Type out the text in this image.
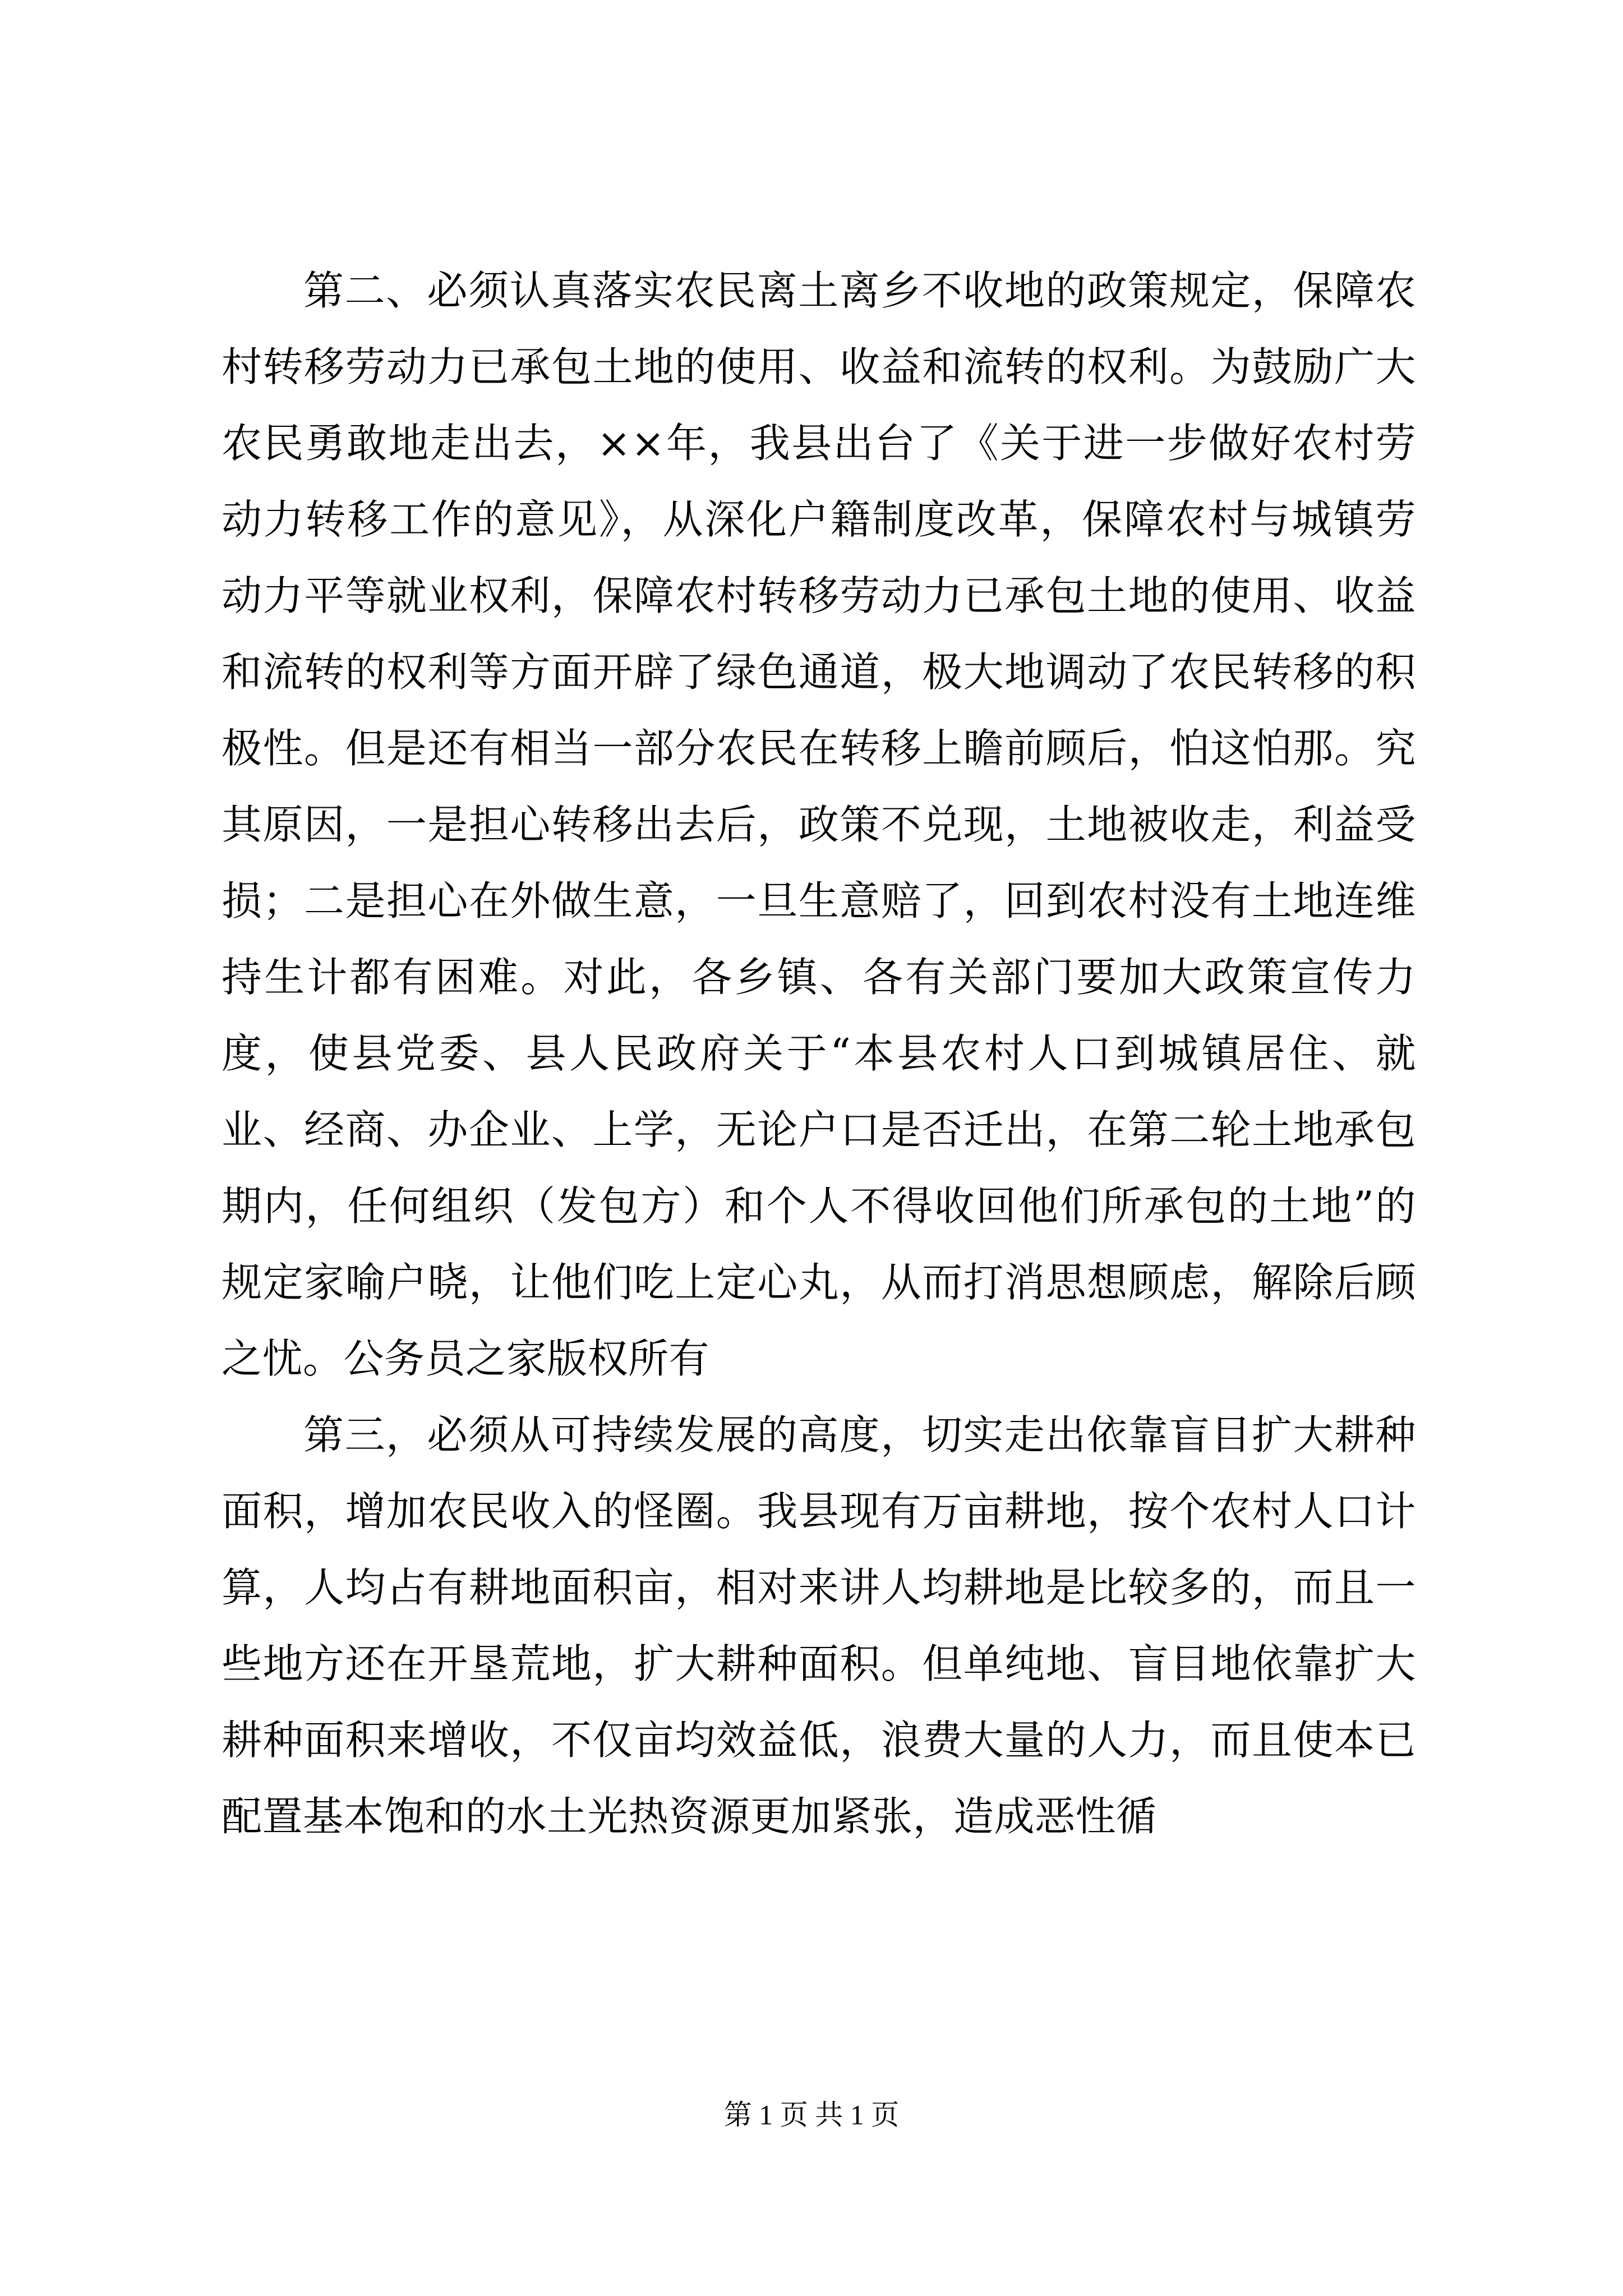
第二、必须认真落实农民离土离乡不收地的政策规定，保障农村转移劳动力已承包土地的使用、收益和流转的权利。为鼓励广大农民勇敢地走出去，××年，我县出台了《关于进一步做好农村劳动力转移工作的意见》，从深化户籍制度改革，保障农村与城镇劳动力平等就业权利，保障农村转移劳动力已承包土地的使用、收益和流转的权利等方面开辟了绿色通道，极大地调动了农民转移的积极性。但是还有相当一部分农民在转移上瞻前顾后，怕这怕那。究其原因，一是担心转移出去后，政策不兑现，土地被收走，利益受损；二是担心在外做生意，一旦生意赔了，回到农村没有土地连维持生计都有困难。对此，各乡镇、各有关部门要加大政策宣传力度，使县党委、县人民政府关于“本县农村人口到城镇居住、就业、经商、办企业、上学，无论户口是否迁出，在第二轮土地承包期内，任何组织（发包方）和个人不得收回他们所承包的土地”的规定家喻户晓，让他们吃上定心丸，从而打消思想顾虑，解除后顾之忧。公务员之家版权所有

第三，必须从可持续发展的高度，切实走出依靠盲目扩大耕种面积，增加农民收入的怪圈。我县现有万亩耕地，按个农村人口计算，人均占有耕地面积亩，相对来讲人均耕地是比较多的，而且一些地方还在开垦荒地，扩大耕种面积。但单纯地、盲目地依靠扩大耕种面积来增收，不仅亩均效益低，浪费大量的人力，而且使本已配置基本饱和的水土光热资源更加紧张，造成恶性循

第 1 页 共 1 页
